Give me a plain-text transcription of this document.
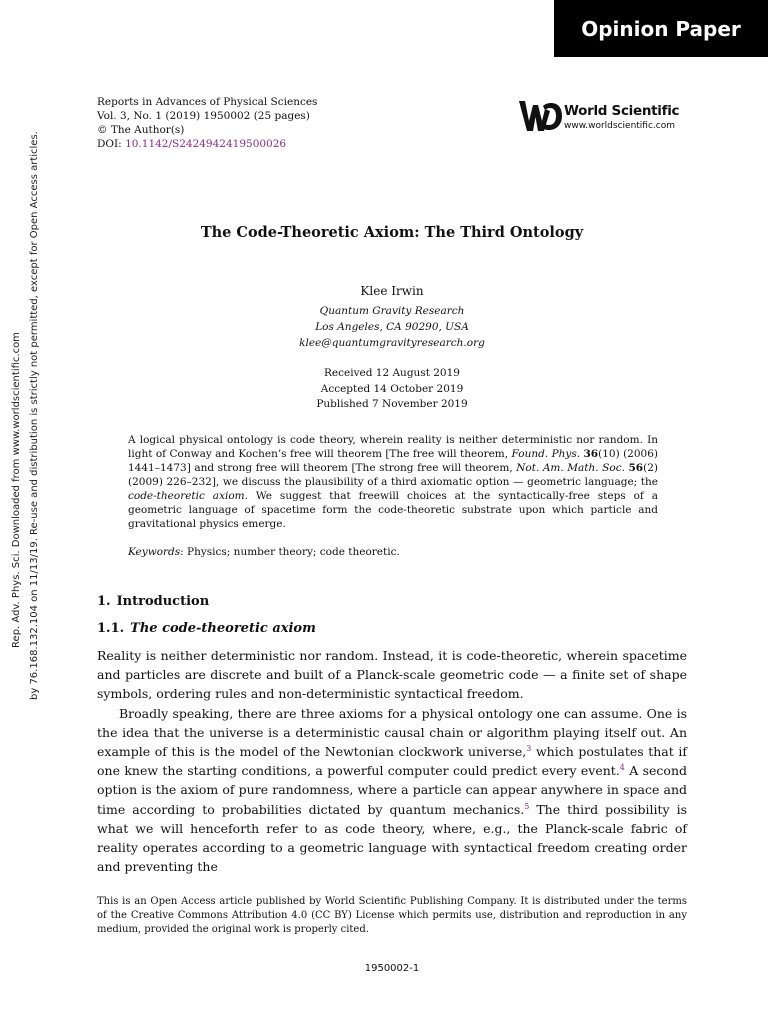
Opinion Paper
Rep. Adv. Phys. Sci. Downloaded from www.worldscientific.com by 76.168.132.104 on 11/13/19. Re-use and distribution is strictly not permitted, except for Open Access articles.
Reports in Advances of Physical Sciences
Vol. 3, No. 1 (2019) 1950002 (25 pages)
© The Author(s)
DOI: 10.1142/S2424942419500026
World Scientific
www.worldscientific.com
The Code-Theoretic Axiom: The Third Ontology
Klee Irwin
Quantum Gravity Research
Los Angeles, CA 90290, USA
klee@quantumgravityresearch.org
Received 12 August 2019
Accepted 14 October 2019
Published 7 November 2019
A logical physical ontology is code theory, wherein reality is neither deterministic nor random. In light of Conway and Kochen’s free will theorem [The free will theorem, Found. Phys. 36(10) (2006) 1441–1473] and strong free will theorem [The strong free will theorem, Not. Am. Math. Soc. 56(2) (2009) 226–232], we discuss the plausibility of a third axiomatic option — geometric language; the code-theoretic axiom. We suggest that freewill choices at the syntactically-free steps of a geometric language of spacetime form the code-theoretic substrate upon which particle and gravitational physics emerge.
Keywords: Physics; number theory; code theoretic.
1. Introduction
1.1. The code-theoretic axiom

Reality is neither deterministic nor random. Instead, it is code-theoretic, wherein spacetime and particles are discrete and built of a Planck-scale geometric code — a finite set of shape symbols, ordering rules and non-deterministic syntactical freedom.

Broadly speaking, there are three axioms for a physical ontology one can assume. One is the idea that the universe is a deterministic causal chain or algorithm playing itself out. An example of this is the model of the Newtonian clockwork universe,$^3$ which postulates that if one knew the starting conditions, a powerful computer could predict every event.$^4$ A second option is the axiom of pure randomness, where a particle can appear anywhere in space and time according to probabilities dictated by quantum mechanics.$^5$ The third possibility is what we will henceforth refer to as code theory, where, e.g., the Planck-scale fabric of reality operates according to a geometric language with syntactical freedom creating order and preventing the

This is an Open Access article published by World Scientific Publishing Company. It is distributed under the terms of the Creative Commons Attribution 4.0 (CC BY) License which permits use, distribution and reproduction in any medium, provided the original work is properly cited.
1950002-1
